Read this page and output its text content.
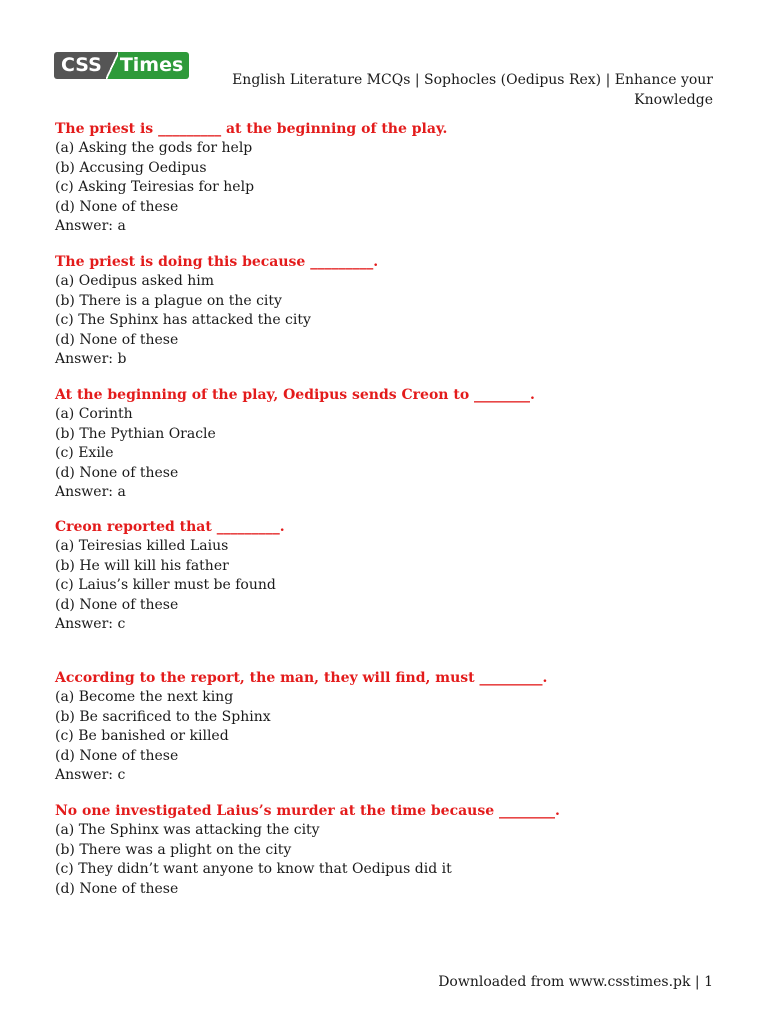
CSS Times
English Literature MCQs | Sophocles (Oedipus Rex) | Enhance your Knowledge
The priest is _________ at the beginning of the play.
(a) Asking the gods for help
(b) Accusing Oedipus
(c) Asking Teiresias for help
(d) None of these
Answer: a
The priest is doing this because _________.
(a) Oedipus asked him
(b) There is a plague on the city
(c) The Sphinx has attacked the city
(d) None of these
Answer: b
At the beginning of the play, Oedipus sends Creon to ________.
(a) Corinth
(b) The Pythian Oracle
(c) Exile
(d) None of these
Answer: a
Creon reported that _________.
(a) Teiresias killed Laius
(b) He will kill his father
(c) Laius’s killer must be found
(d) None of these
Answer: c
According to the report, the man, they will find, must _________.
(a) Become the next king
(b) Be sacrificed to the Sphinx
(c) Be banished or killed
(d) None of these
Answer: c
No one investigated Laius’s murder at the time because ________.
(a) The Sphinx was attacking the city
(b) There was a plight on the city
(c) They didn’t want anyone to know that Oedipus did it
(d) None of these
Downloaded from www.csstimes.pk | 1
